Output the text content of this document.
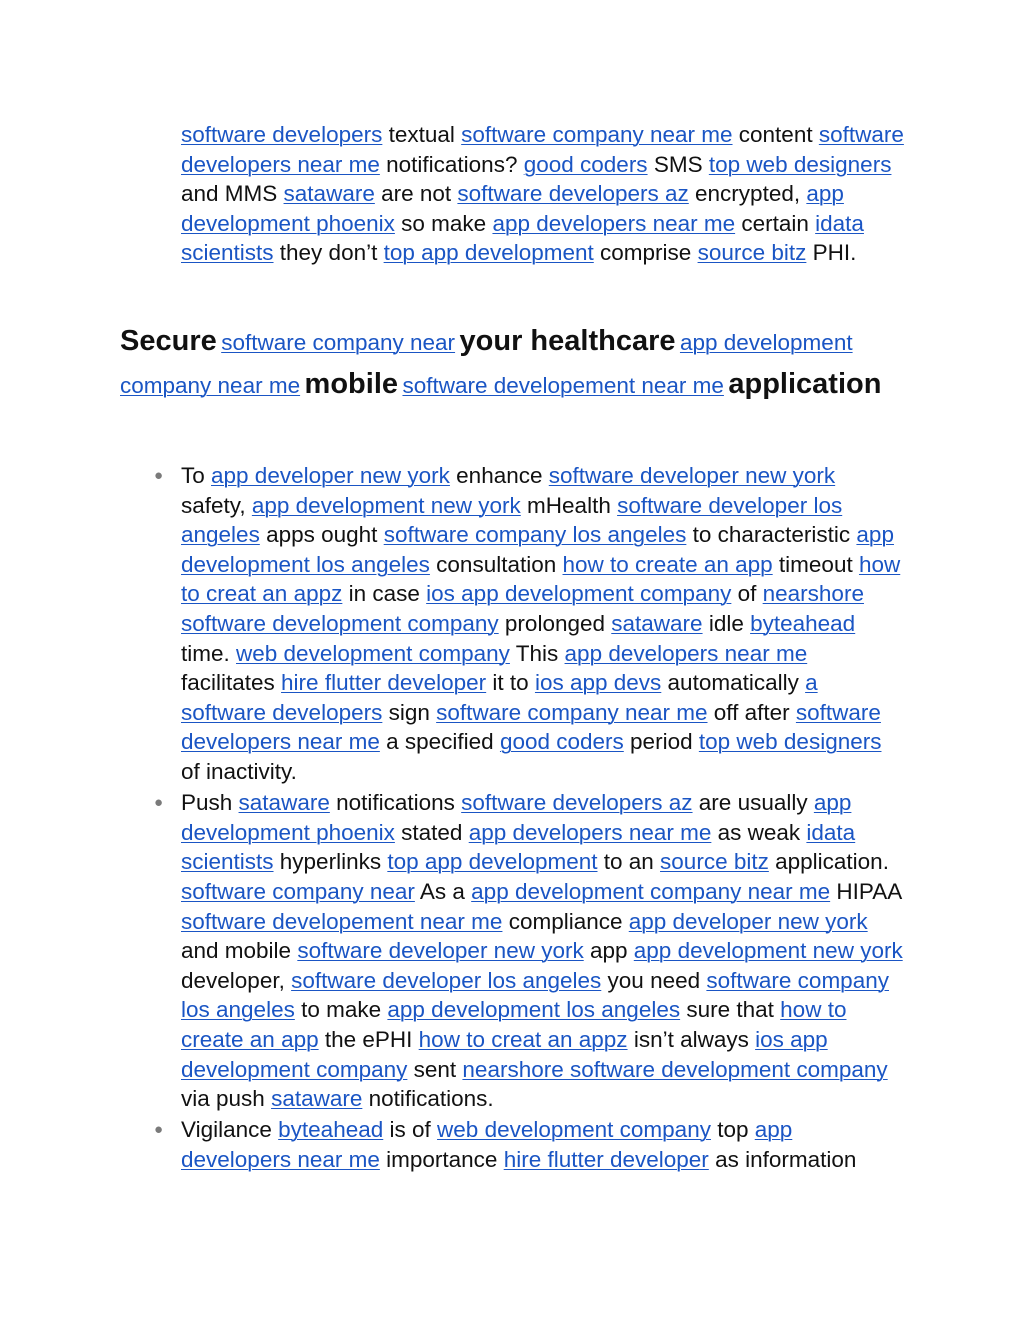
software developers textual software company near me content software developers near me notifications? good coders SMS top web designers and MMS sataware are not software developers az encrypted, app development phoenix so make app developers near me certain idata scientists they don’t top app development comprise source bitz PHI.
Secure software company near your healthcare app development company near me mobile software developement near me application
● To app developer new york enhance software developer new york safety, app development new york mHealth software developer los angeles apps ought software company los angeles to characteristic app development los angeles consultation how to create an app timeout how to creat an appz in case ios app development company of nearshore software development company prolonged sataware idle byteahead time. web development company This app developers near me facilitates hire flutter developer it to ios app devs automatically a software developers sign software company near me off after software developers near me a specified good coders period top web designers of inactivity.
● Push sataware notifications software developers az are usually app development phoenix stated app developers near me as weak idata scientists hyperlinks top app development to an source bitz application. software company near As a app development company near me HIPAA software developement near me compliance app developer new york and mobile software developer new york app app development new york developer, software developer los angeles you need software company los angeles to make app development los angeles sure that how to create an app the ePHI how to creat an appz isn’t always ios app development company sent nearshore software development company via push sataware notifications.
● Vigilance byteahead is of web development company top app developers near me importance hire flutter developer as information
